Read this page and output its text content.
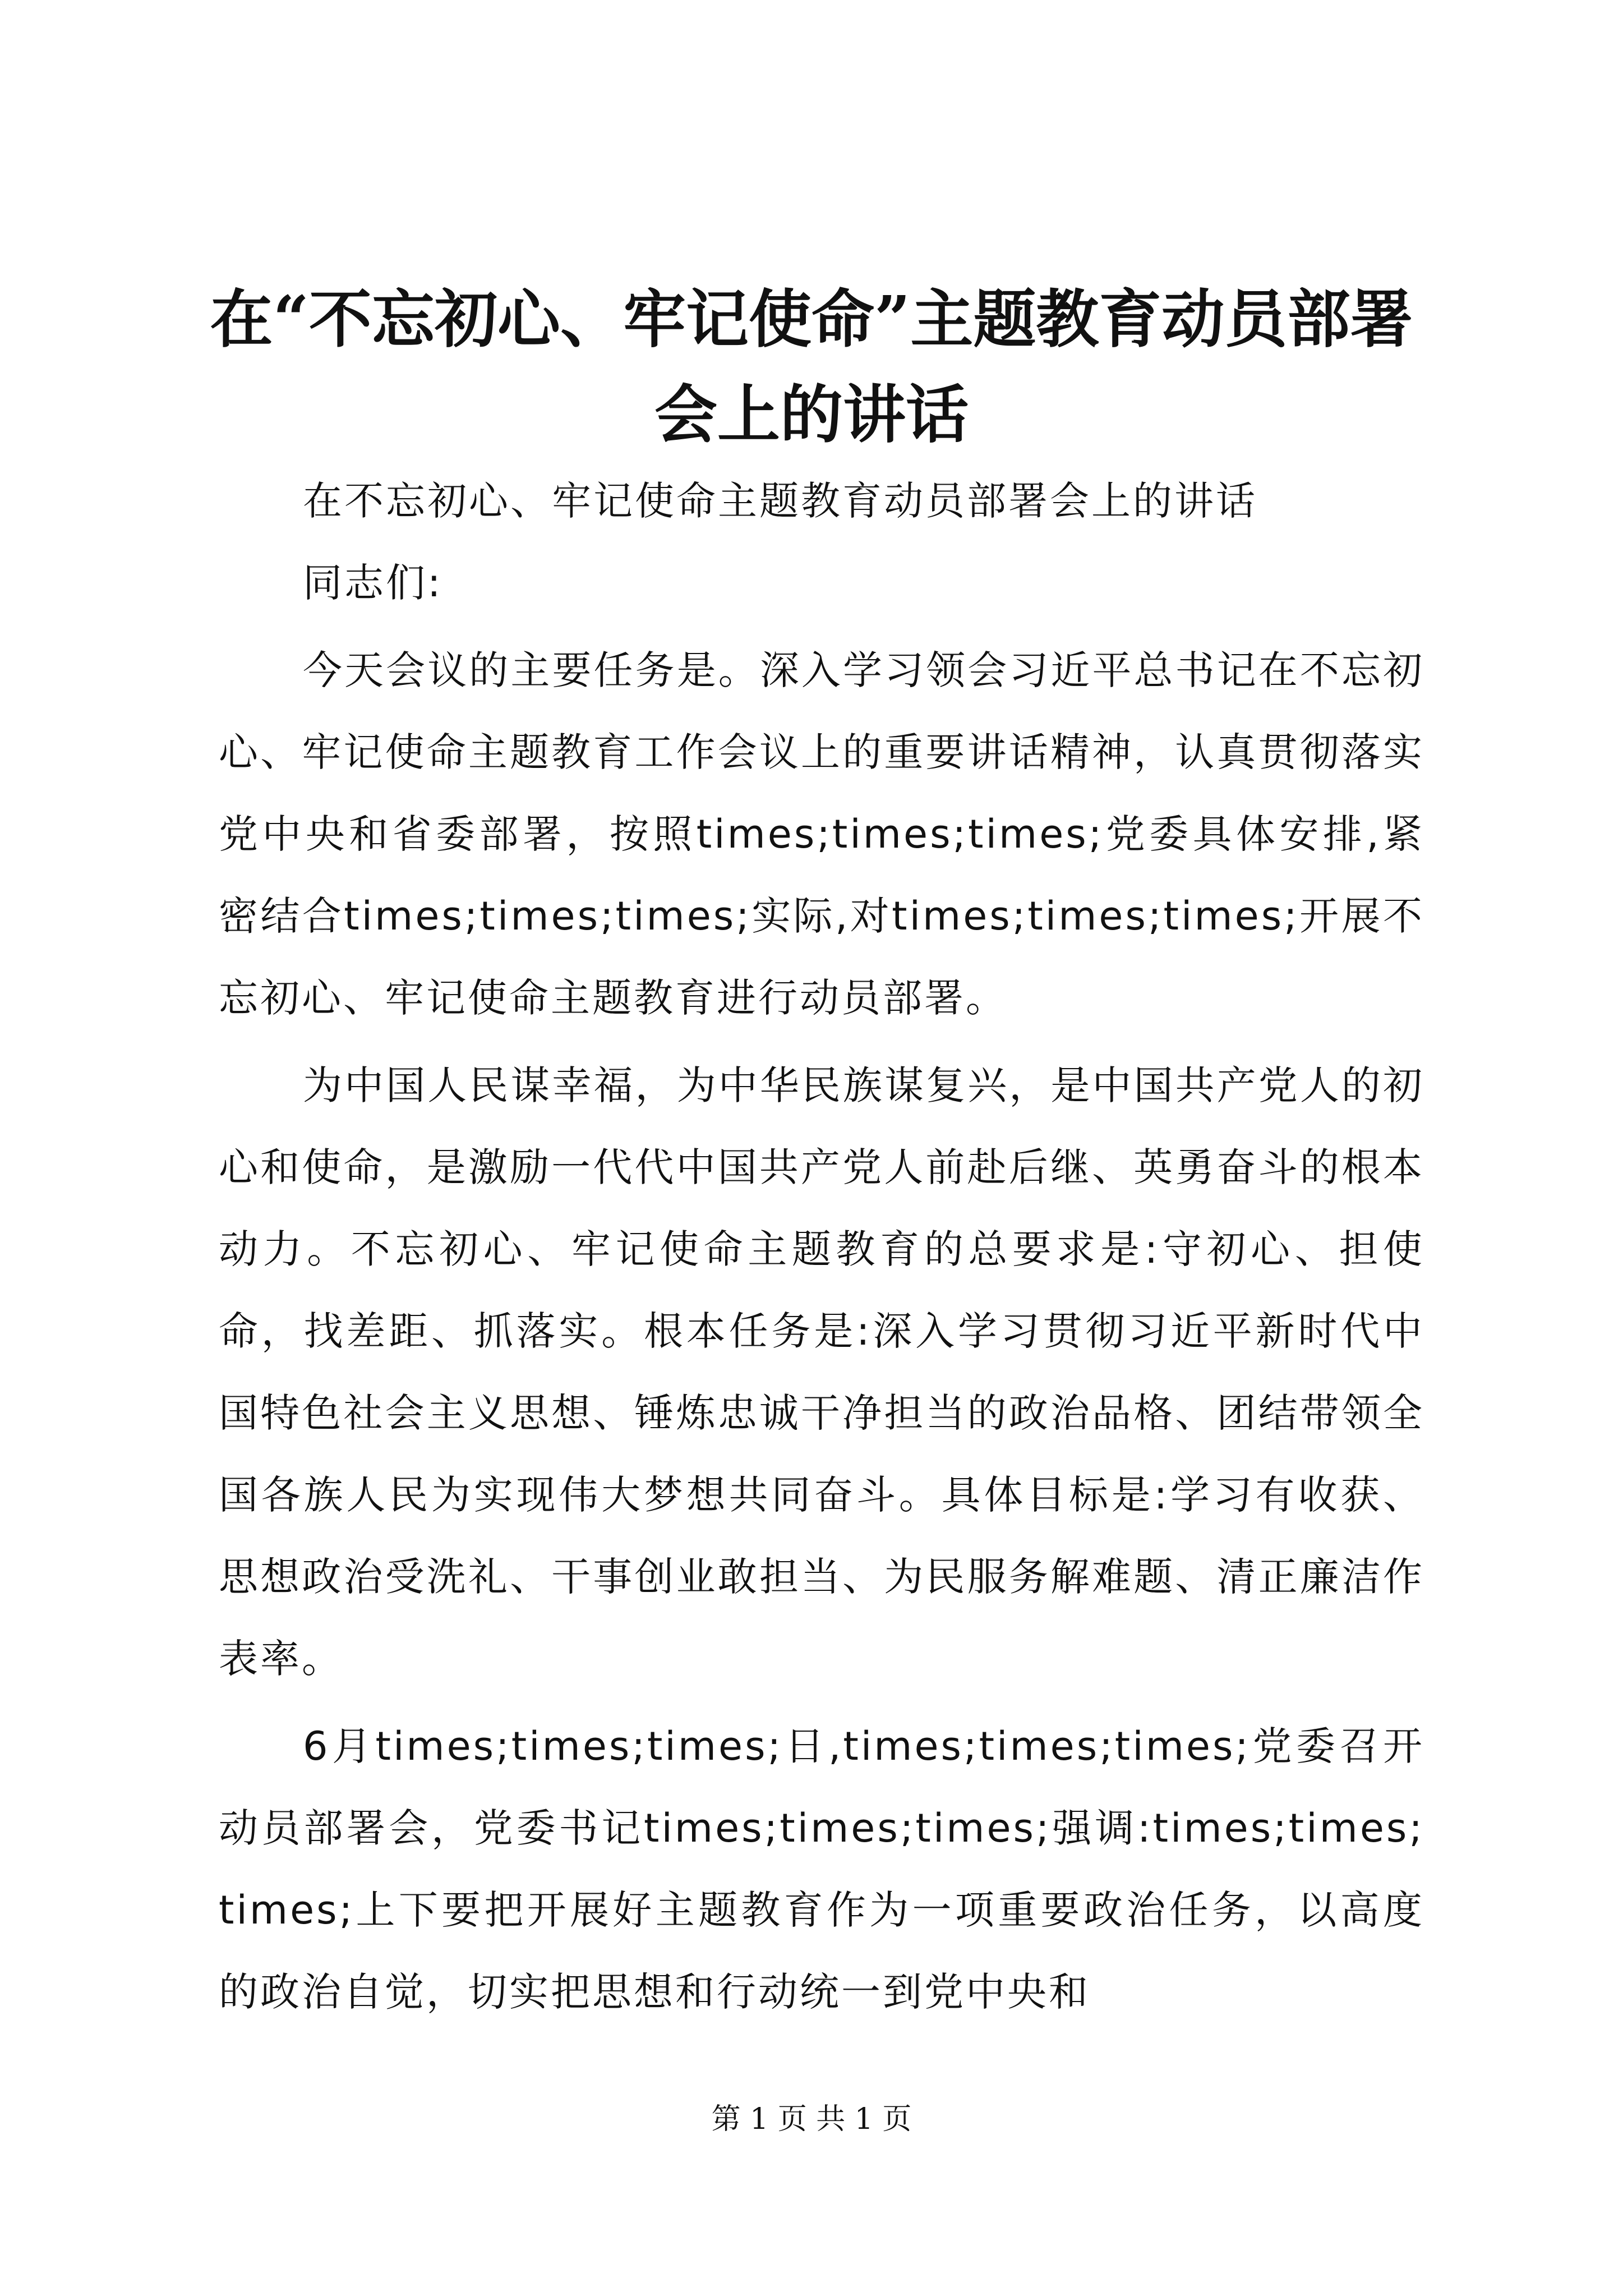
在“不忘初心、牢记使命”主题教育动员部署
会上的讲话

在不忘初心、牢记使命主题教育动员部署会上的讲话

同志们:

今天会议的主要任务是。深入学习领会习近平总书记在不忘初心、牢记使命主题教育工作会议上的重要讲话精神，认真贯彻落实党中央和省委部署，按照times;times;times;党委具体安排,紧密结合times;times;times;实际,对times;times;times;开展不忘初心、牢记使命主题教育进行动员部署。

为中国人民谋幸福，为中华民族谋复兴，是中国共产党人的初心和使命，是激励一代代中国共产党人前赴后继、英勇奋斗的根本动力。不忘初心、牢记使命主题教育的总要求是:守初心、担使命，找差距、抓落实。根本任务是:深入学习贯彻习近平新时代中国特色社会主义思想、锤炼忠诚干净担当的政治品格、团结带领全国各族人民为实现伟大梦想共同奋斗。具体目标是:学习有收获、思想政治受洗礼、干事创业敢担当、为民服务解难题、清正廉洁作表率。

6月times;times;times;日,times;times;times;党委召开动员部署会，党委书记times;times;times;强调:times;times;times;上下要把开展好主题教育作为一项重要政治任务，以高度的政治自觉，切实把思想和行动统一到党中央和

第 1 页 共 1 页
